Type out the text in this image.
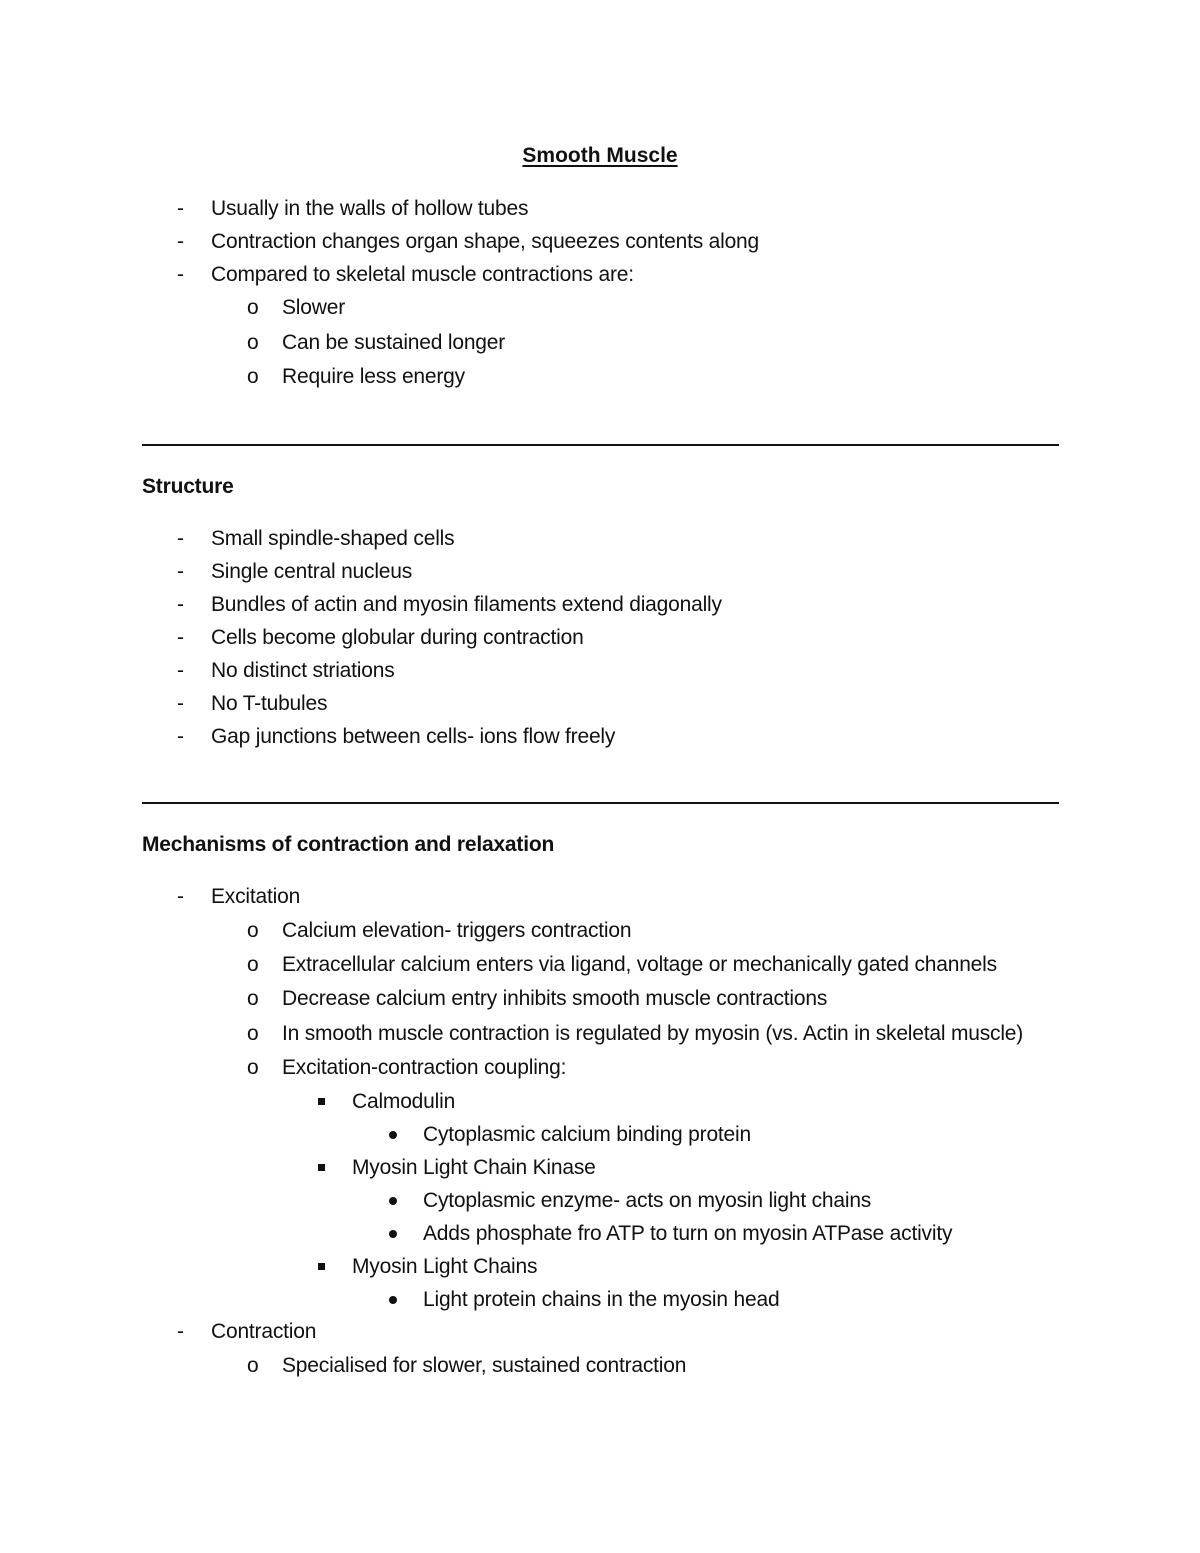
Smooth Muscle
- Usually in the walls of hollow tubes
- Contraction changes organ shape, squeezes contents along
- Compared to skeletal muscle contractions are:
o Slower
o Can be sustained longer
o Require less energy
Structure
- Small spindle-shaped cells
- Single central nucleus
- Bundles of actin and myosin filaments extend diagonally
- Cells become globular during contraction
- No distinct striations
- No T-tubules
- Gap junctions between cells- ions flow freely
Mechanisms of contraction and relaxation
- Excitation
o Calcium elevation- triggers contraction
o Extracellular calcium enters via ligand, voltage or mechanically gated channels
o Decrease calcium entry inhibits smooth muscle contractions
o In smooth muscle contraction is regulated by myosin (vs. Actin in skeletal muscle)
o Excitation-contraction coupling:
Calmodulin
Cytoplasmic calcium binding protein
Myosin Light Chain Kinase
Cytoplasmic enzyme- acts on myosin light chains
Adds phosphate fro ATP to turn on myosin ATPase activity
Myosin Light Chains
Light protein chains in the myosin head
- Contraction
o Specialised for slower, sustained contraction
